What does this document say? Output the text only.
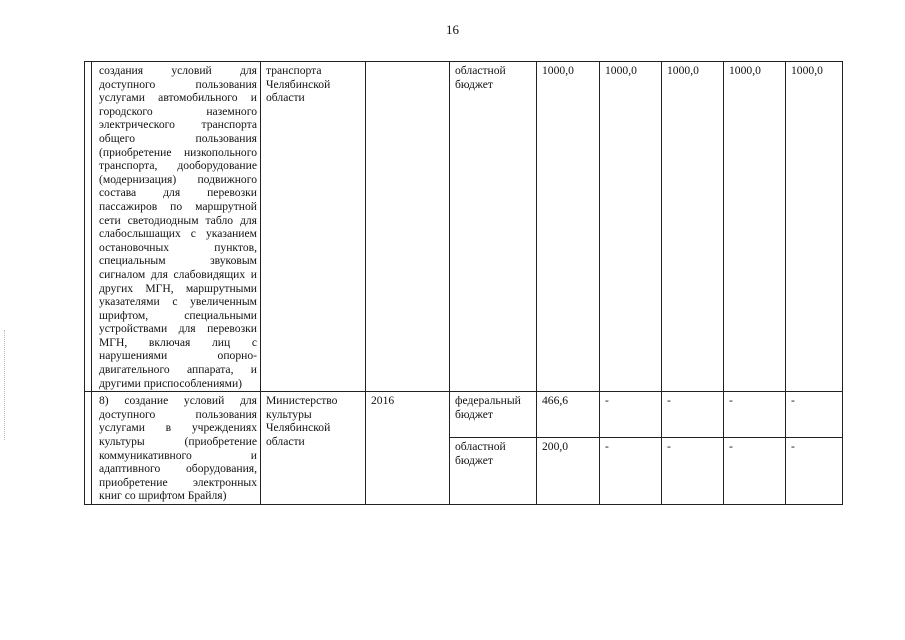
16
	создания условий для доступного пользования услугами автомобильного и городского наземного электрического транспорта общего пользования (приобретение низкопольного транспорта, дооборудование (модернизация) подвижного состава для перевозки пассажиров по маршрутной сети светодиодным табло для слабослышащих с указанием остановочных пунктов, специальным звуковым сигналом для слабовидящих и других МГН, маршрутными указателями с увеличенным шрифтом, специальными устройствами для перевозки МГН, включая лиц с нарушениями опорно-двигательного аппарата, и другими приспособлениями)	транспорта Челябинской области		областной бюджет	1000,0	1000,0	1000,0	1000,0	1000,0
	8) создание условий для доступного пользования услугами в учреждениях культуры (приобретение коммуникативного и адаптивного оборудования, приобретение электронных книг со шрифтом Брайля)	Министерство культуры Челябинской области	2016	федеральный бюджет	466,6	-	-	-	-
				областной бюджет	200,0	-	-	-	-
